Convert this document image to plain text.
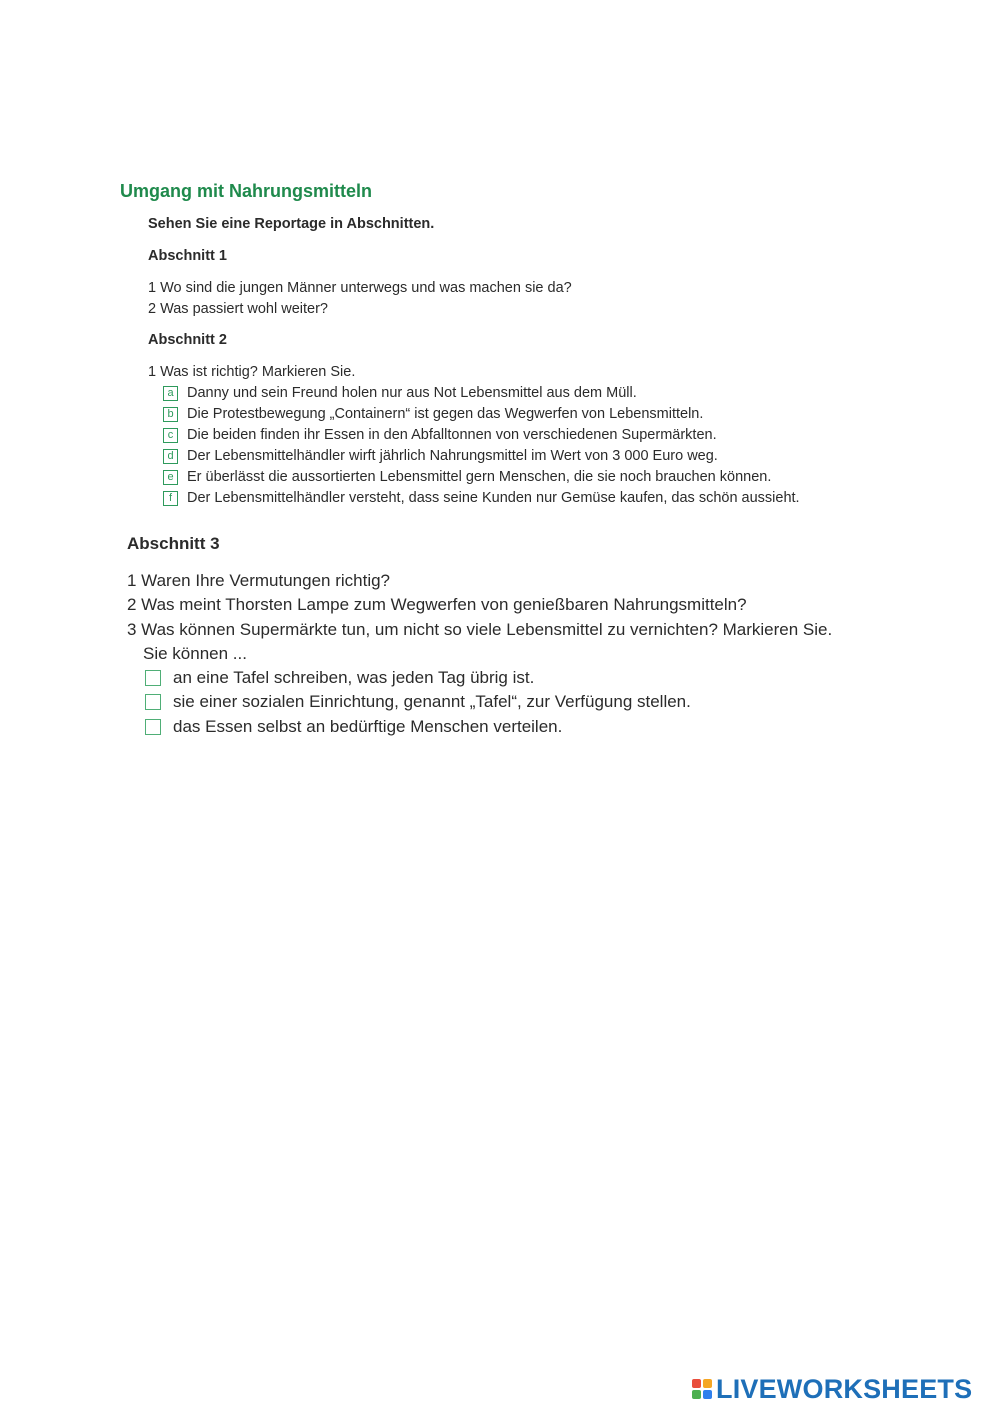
Umgang mit Nahrungsmitteln
Sehen Sie eine Reportage in Abschnitten.
Abschnitt 1
1 Wo sind die jungen Männer unterwegs und was machen sie da?
2 Was passiert wohl weiter?
Abschnitt 2
1 Was ist richtig? Markieren Sie.
a Danny und sein Freund holen nur aus Not Lebensmittel aus dem Müll.
b Die Protestbewegung „Containern“ ist gegen das Wegwerfen von Lebensmitteln.
c Die beiden finden ihr Essen in den Abfalltonnen von verschiedenen Supermärkten.
d Der Lebensmittelhändler wirft jährlich Nahrungsmittel im Wert von 3 000 Euro weg.
e Er überlässt die aussortierten Lebensmittel gern Menschen, die sie noch brauchen können.
f	Der Lebensmittelhändler versteht, dass seine Kunden nur Gemüse kaufen, das schön aussieht.
Abschnitt 3
1 Waren Ihre Vermutungen richtig?
2 Was meint Thorsten Lampe zum Wegwerfen von genießbaren Nahrungsmitteln?
3 Was können Supermärkte tun, um nicht so viele Lebensmittel zu vernichten? Markieren Sie.
Sie können ...
an eine Tafel schreiben, was jeden Tag übrig ist.
sie einer sozialen Einrichtung, genannt „Tafel“, zur Verfügung stellen.
das Essen selbst an bedürftige Menschen verteilen.
LIVEWORKSHEETS
